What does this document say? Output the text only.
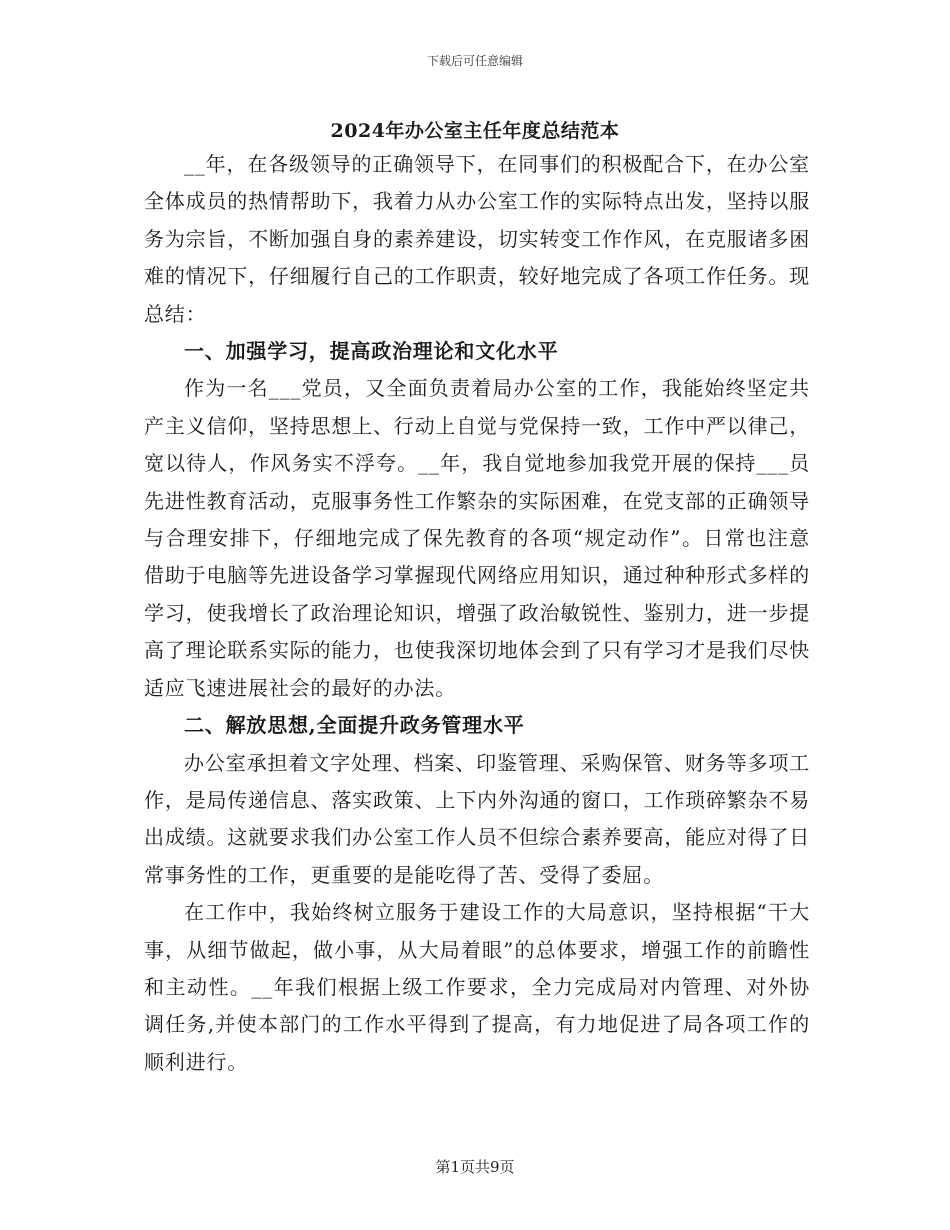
下载后可任意编辑
2024年办公室主任年度总结范本

__年，在各级领导的正确领导下，在同事们的积极配合下，在办公室全体成员的热情帮助下，我着力从办公室工作的实际特点出发，坚持以服务为宗旨，不断加强自身的素养建设，切实转变工作作风，在克服诸多困难的情况下，仔细履行自己的工作职责，较好地完成了各项工作任务。现总结：

一、加强学习，提高政治理论和文化水平

作为一名___党员，又全面负责着局办公室的工作，我能始终坚定共产主义信仰，坚持思想上、行动上自觉与党保持一致，工作中严以律己，宽以待人，作风务实不浮夸。__年，我自觉地参加我党开展的保持___员先进性教育活动，克服事务性工作繁杂的实际困难，在党支部的正确领导与合理安排下，仔细地完成了保先教育的各项“规定动作”。日常也注意借助于电脑等先进设备学习掌握现代网络应用知识，通过种种形式多样的学习，使我增长了政治理论知识，增强了政治敏锐性、鉴别力，进一步提高了理论联系实际的能力，也使我深切地体会到了只有学习才是我们尽快适应飞速进展社会的最好的办法。

二、解放思想,全面提升政务管理水平

办公室承担着文字处理、档案、印鉴管理、采购保管、财务等多项工作，是局传递信息、落实政策、上下内外沟通的窗口，工作琐碎繁杂不易出成绩。这就要求我们办公室工作人员不但综合素养要高，能应对得了日常事务性的工作，更重要的是能吃得了苦、受得了委屈。

在工作中，我始终树立服务于建设工作的大局意识，坚持根据“干大事，从细节做起，做小事，从大局着眼”的总体要求，增强工作的前瞻性和主动性。__年我们根据上级工作要求，全力完成局对内管理、对外协调任务,并使本部门的工作水平得到了提高，有力地促进了局各项工作的顺利进行。

第1页共9页
